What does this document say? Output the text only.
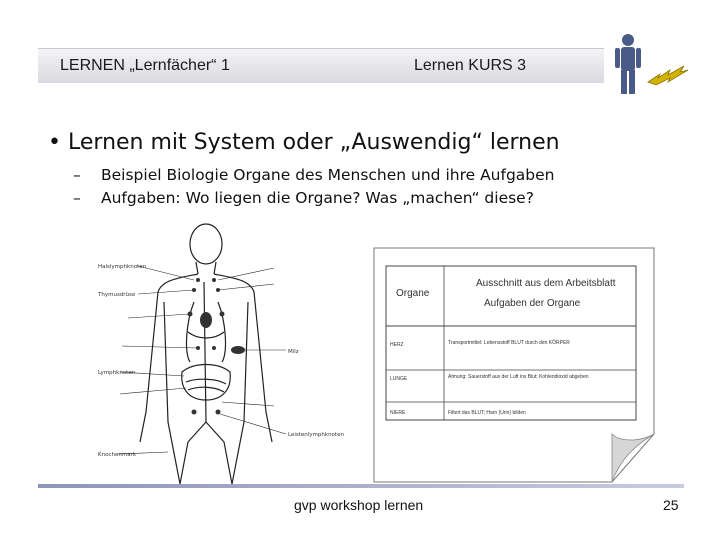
LERNEN „Lernfächer“ 1	Lernen KURS 3
• Lernen mit System oder „Auswendig“ lernen
– Beispiel Biologie Organe des Menschen und ihre Aufgaben
– Aufgaben: Wo liegen die Organe? Was „machen“ diese?
Halslymphknoten
Lymphknoten
Milz
Thymusdrüse
Leistenlymphknoten
Knochenmark
Ausschnitt aus dem Arbeitsblatt
Organe
Aufgaben der Organe
HERZ	Transportmittel: Lebensstoff BLUT durch den KÖRPER
LUNGE	Atmung: Sauerstoff aus der Luft ins Blut; Kohlendioxid abgeben
NIERE	Filtert das BLUT; Harn (Urin) bilden
gvp workshop lernen	25
